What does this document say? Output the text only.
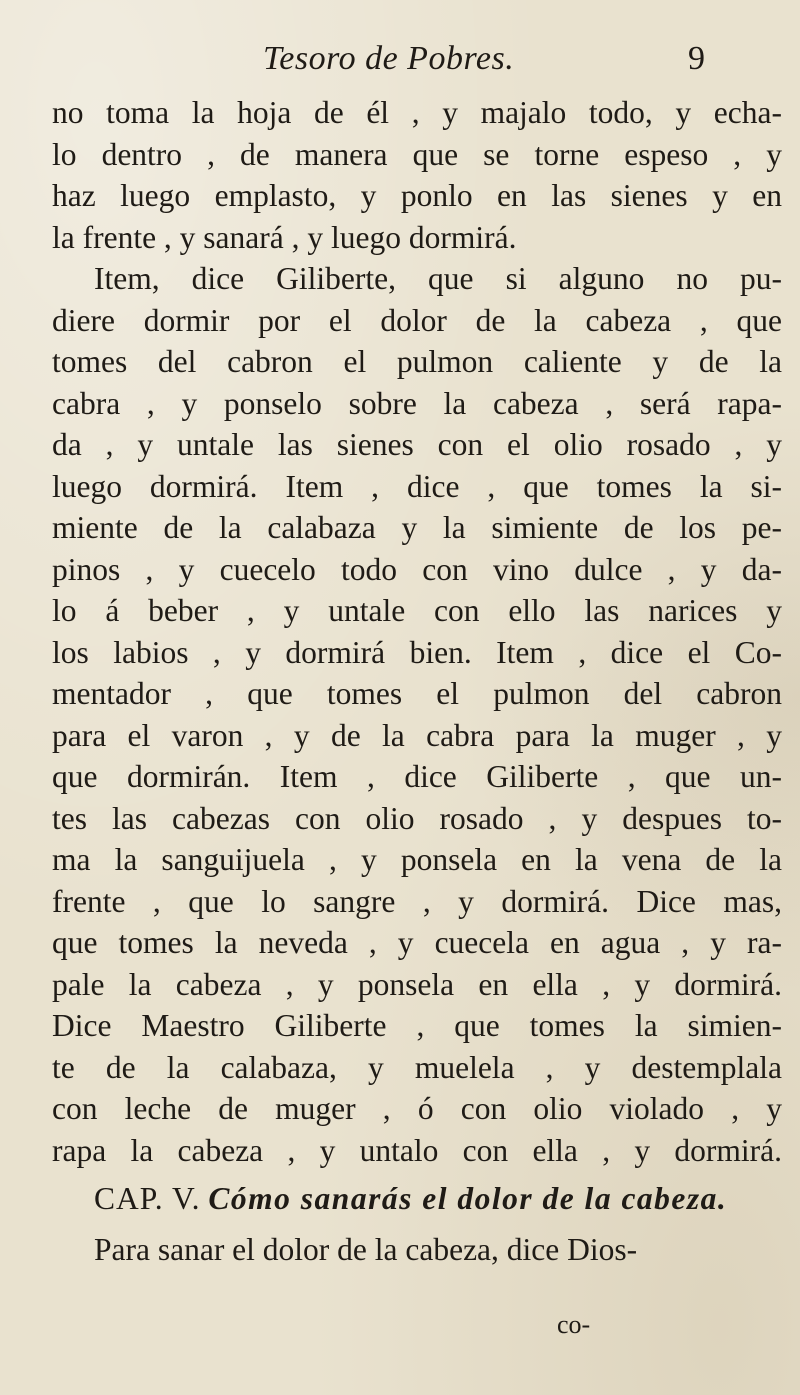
Tesoro de Pobres.	9
no toma la hoja de él , y majalo todo, y echa-
lo dentro , de manera que se torne espeso , y
haz luego emplasto, y ponlo en las sienes y en
la frente , y sanará , y luego dormirá.
Item, dice Giliberte, que si alguno no pu-
diere dormir por el dolor de la cabeza , que
tomes del cabron el pulmon caliente y de la
cabra , y ponselo sobre la cabeza , será rapa-
da , y untale las sienes con el olio rosado , y
luego dormirá. Item , dice , que tomes la si-
miente de la calabaza y la simiente de los pe-
pinos , y cuecelo todo con vino dulce , y da-
lo á beber , y untale con ello las narices y
los labios , y dormirá bien. Item , dice el Co-
mentador , que tomes el pulmon del cabron
para el varon , y de la cabra para la muger , y
que dormirán. Item , dice Giliberte , que un-
tes las cabezas con olio rosado , y despues to-
ma la sanguijuela , y ponsela en la vena de la
frente , que lo sangre , y dormirá. Dice mas,
que tomes la neveda , y cuecela en agua , y ra-
pale la cabeza , y ponsela en ella , y dormirá.
Dice Maestro Giliberte , que tomes la simien-
te de la calabaza, y muelela , y destemplala
con leche de muger , ó con olio violado , y
rapa la cabeza , y untalo con ella , y dormirá.
CAP. V. Cómo sanarás el dolor de la cabeza.
Para sanar el dolor de la cabeza, dice Dios-
co-
